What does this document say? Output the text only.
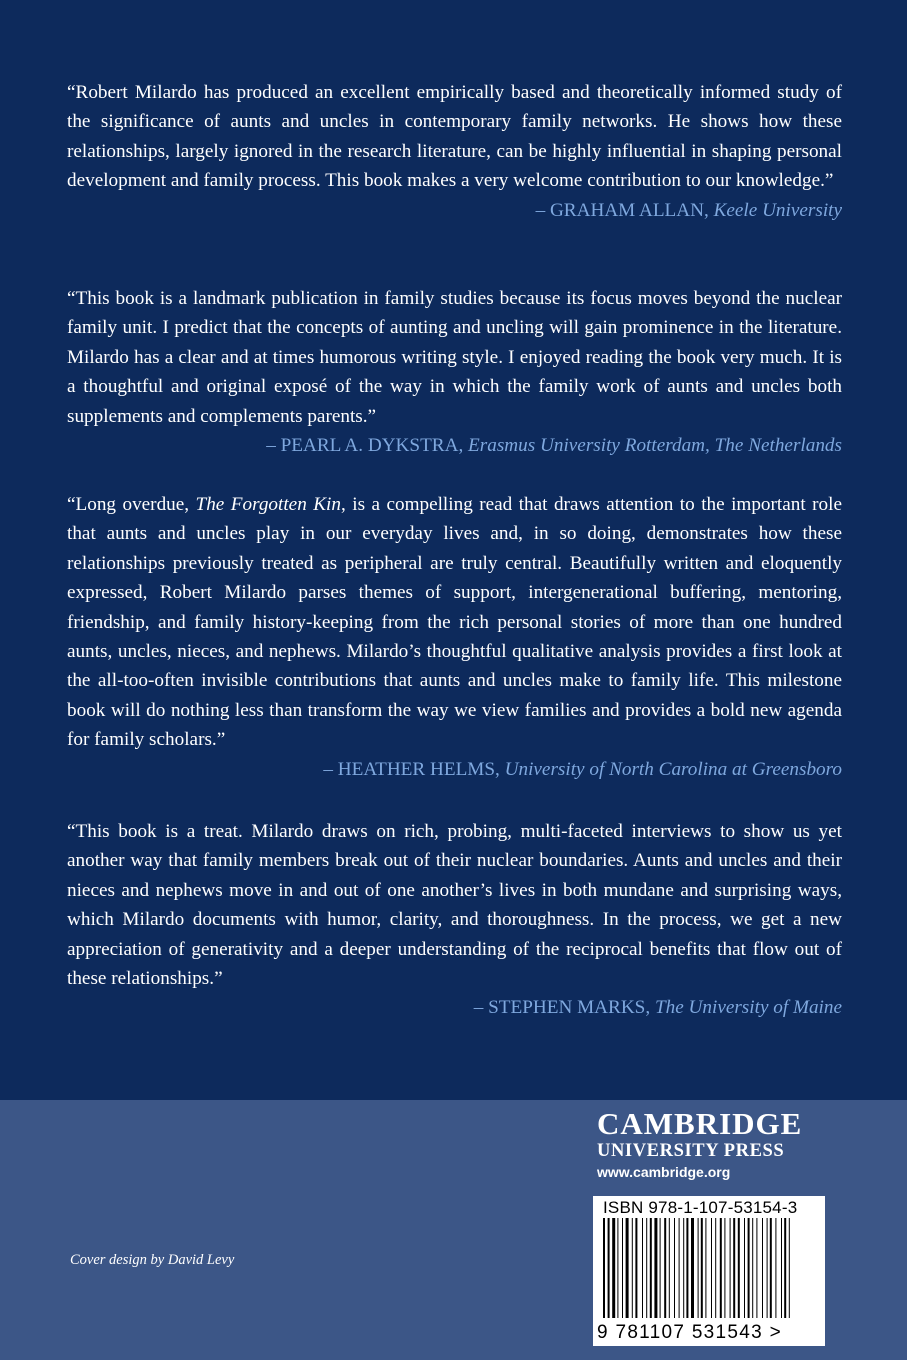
“Robert Milardo has produced an excellent empirically based and theoretically informed study of the significance of aunts and uncles in contemporary family networks. He shows how these relationships, largely ignored in the research literature, can be highly influential in shaping personal development and family process. This book makes a very welcome contribution to our knowledge.”

– GRAHAM ALLAN, Keele University

“This book is a landmark publication in family studies because its focus moves beyond the nuclear family unit. I predict that the concepts of aunting and uncling will gain prominence in the literature. Milardo has a clear and at times humorous writing style. I enjoyed reading the book very much. It is a thoughtful and original exposé of the way in which the family work of aunts and uncles both supplements and complements parents.”

– PEARL A. DYKSTRA, Erasmus University Rotterdam, The Netherlands

“Long overdue, The Forgotten Kin, is a compelling read that draws attention to the important role that aunts and uncles play in our everyday lives and, in so doing, demonstrates how these relationships previously treated as peripheral are truly central. Beautifully written and eloquently expressed, Robert Milardo parses themes of support, intergenerational buffering, mentoring, friendship, and family history-keeping from the rich personal stories of more than one hundred aunts, uncles, nieces, and nephews. Milardo’s thoughtful qualitative analysis provides a first look at the all-too-often invisible contributions that aunts and uncles make to family life. This milestone book will do nothing less than transform the way we view families and provides a bold new agenda for family scholars.”

– HEATHER HELMS, University of North Carolina at Greensboro

“This book is a treat. Milardo draws on rich, probing, multi-faceted interviews to show us yet another way that family members break out of their nuclear boundaries. Aunts and uncles and their nieces and nephews move in and out of one another’s lives in both mundane and surprising ways, which Milardo documents with humor, clarity, and thoroughness. In the process, we get a new appreciation of generativity and a deeper understanding of the reciprocal benefits that flow out of these relationships.”

– STEPHEN MARKS, The University of Maine

CAMBRIDGE
UNIVERSITY PRESS
www.cambridge.org
ISBN 978-1-107-53154-3
9 781107 531543 >
Cover design by David Levy
